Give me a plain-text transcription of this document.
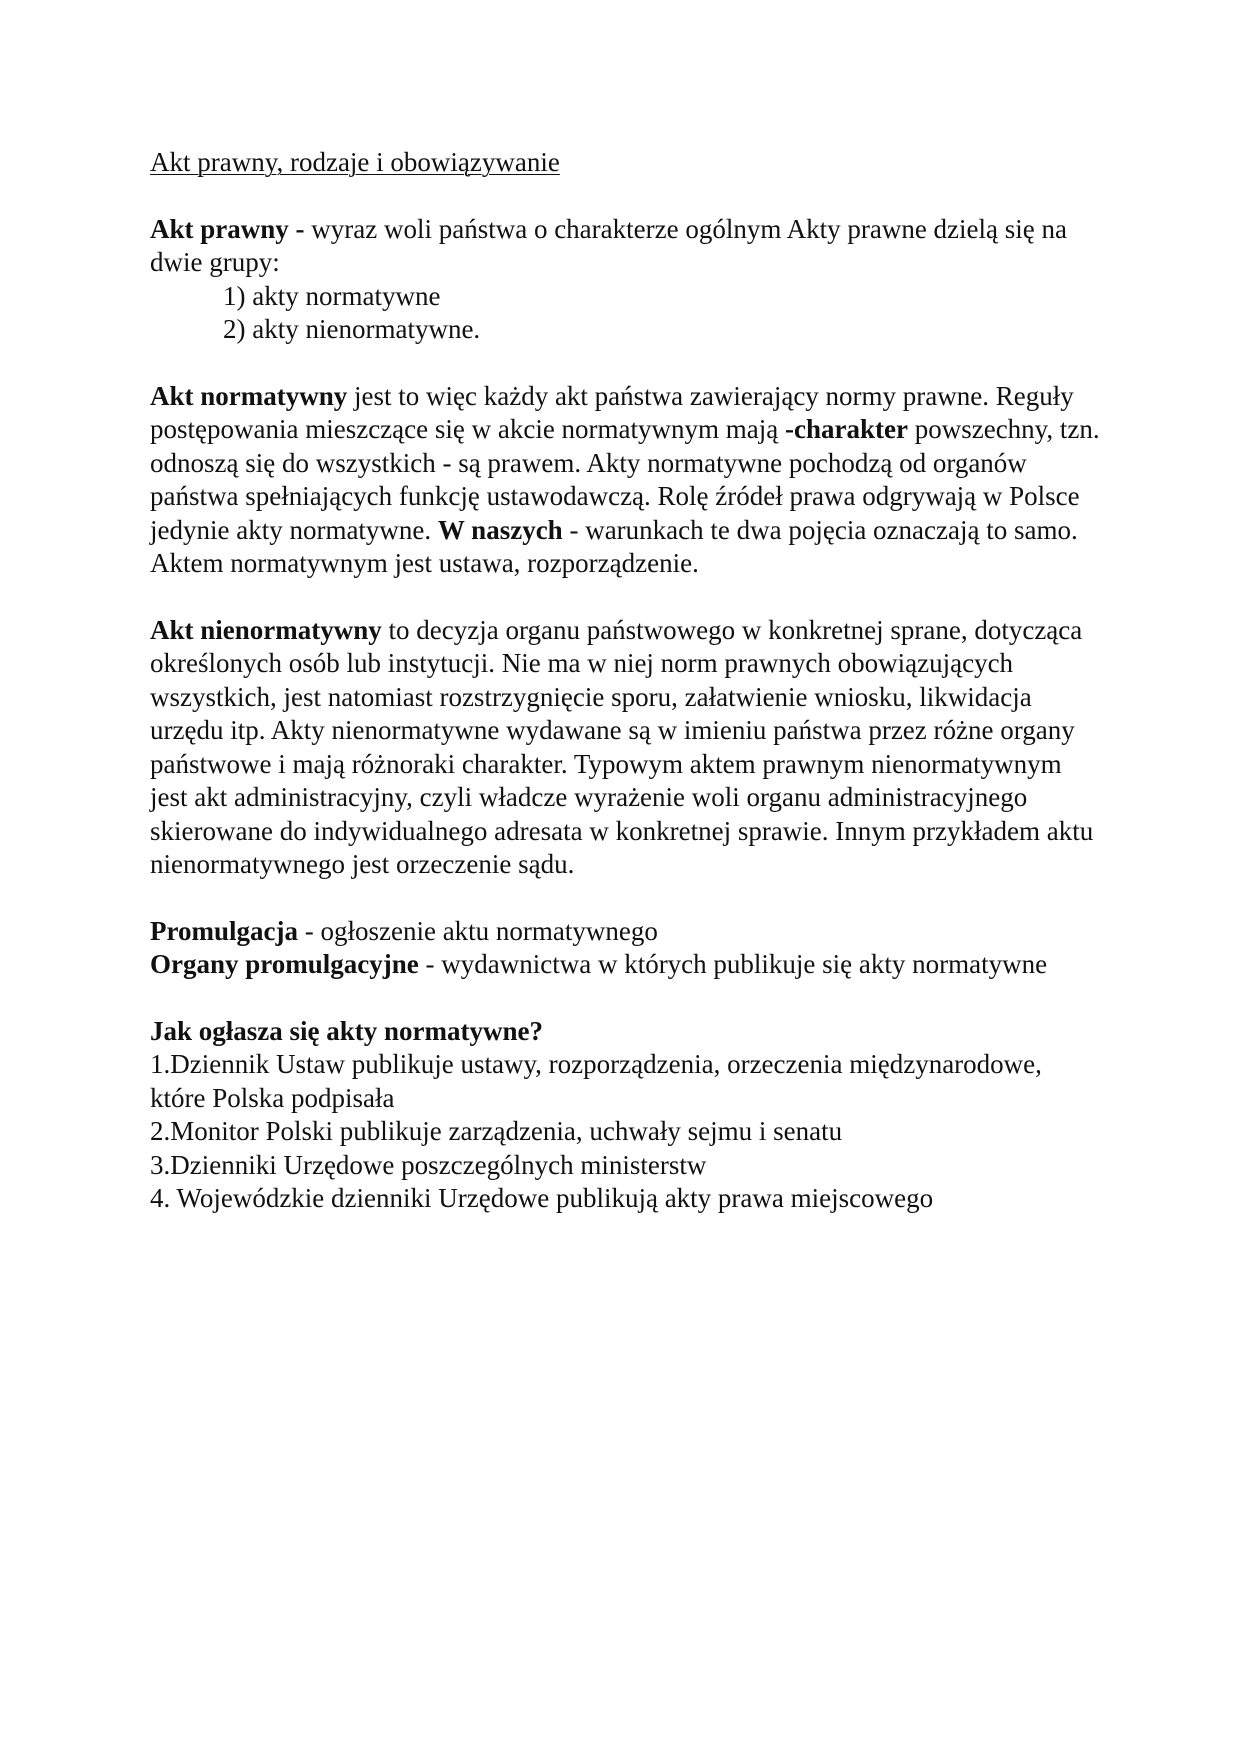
Akt prawny, rodzaje i obowiązywanie
Akt prawny - wyraz woli państwa o charakterze ogólnym Akty prawne dzielą się na dwie grupy:
1) akty normatywne
2) akty nienormatywne.
Akt normatywny jest to więc każdy akt państwa zawierający normy prawne. Reguły postępowania mieszczące się w akcie normatywnym mają -charakter powszechny, tzn. odnoszą się do wszystkich - są prawem. Akty normatywne pochodzą od organów państwa spełniających funkcję ustawodawczą. Rolę źródeł prawa odgrywają w Polsce jedynie akty normatywne. W naszych - warunkach te dwa pojęcia oznaczają to samo. Aktem normatywnym jest ustawa, rozporządzenie.
Akt nienormatywny to decyzja organu państwowego w konkretnej sprane, dotycząca określonych osób lub instytucji. Nie ma w niej norm prawnych obowiązujących wszystkich, jest natomiast rozstrzygnięcie sporu, załatwienie wniosku, likwidacja urzędu itp. Akty nienormatywne wydawane są w imieniu państwa przez różne organy państwowe i mają różnoraki charakter. Typowym aktem prawnym nienormatywnym jest akt administracyjny, czyli władcze wyrażenie woli organu administracyjnego skierowane do indywidualnego adresata w konkretnej sprawie. Innym przykładem aktu nienormatywnego jest orzeczenie sądu.
Promulgacja - ogłoszenie aktu normatywnego
Organy promulgacyjne - wydawnictwa w których publikuje się akty normatywne
Jak ogłasza się akty normatywne?
1.Dziennik Ustaw publikuje ustawy, rozporządzenia, orzeczenia międzynarodowe, które Polska podpisała
2.Monitor Polski publikuje zarządzenia, uchwały sejmu i senatu
3.Dzienniki Urzędowe poszczególnych ministerstw
4. Wojewódzkie dzienniki Urzędowe publikują akty prawa miejscowego
